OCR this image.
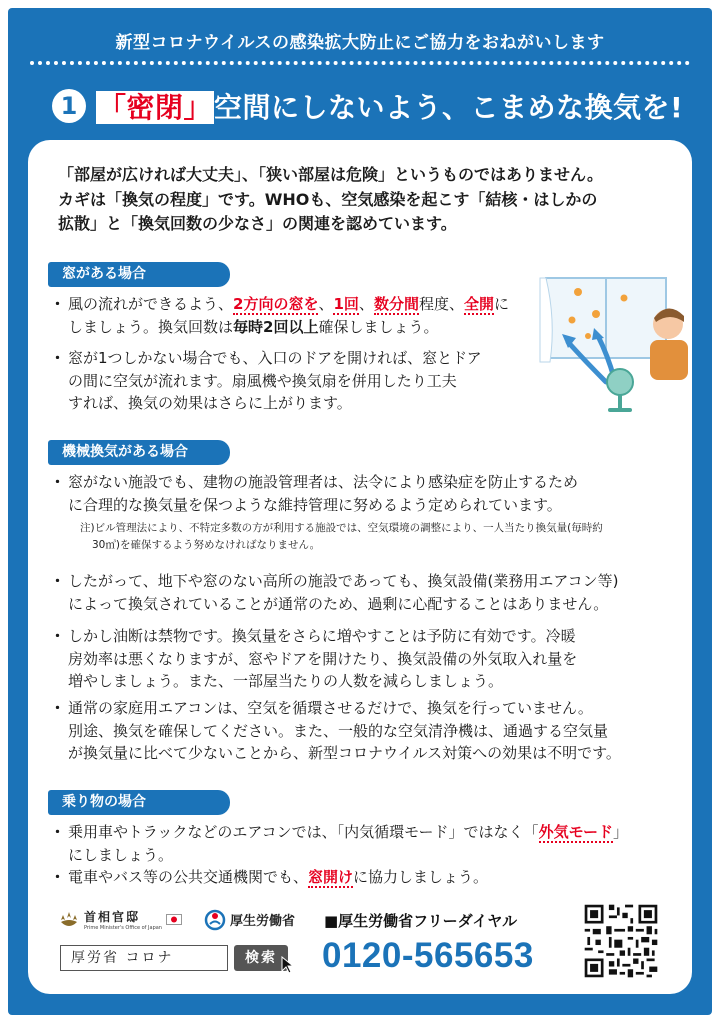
新型コロナウイルスの感染拡大防止にご協力をおねがいします
1 「密閉」空間にしないよう、こまめな換気を!
「部屋が広ければ大丈夫」、「狭い部屋は危険」というものではありません。
カギは「換気の程度」です。WHOも、空気感染を起こす「結核・はしかの
拡散」と「換気回数の少なさ」の関連を認めています。
窓がある場合
・ 風の流れができるよう、2方向の窓を、1回、数分間程度、全開にしましょう。換気回数は毎時2回以上確保しましょう。
・ 窓が1つしかない場合でも、入口のドアを開ければ、窓とドア
の間に空気が流れます。扇風機や換気扇を併用したり工夫
すれば、換気の効果はさらに上がります。
機械換気がある場合
・ 窓がない施設でも、建物の施設管理者は、法令により感染症を防止するため
に合理的な換気量を保つような維持管理に努めるよう定められています。
注)ビル管理法により、不特定多数の方が利用する施設では、空気環境の調整により、一人当たり換気量(毎時約
30㎥)を確保するよう努めなければなりません。
・ したがって、地下や窓のない高所の施設であっても、換気設備(業務用エアコン等)
によって換気されていることが通常のため、過剰に心配することはありません。
・ しかし油断は禁物です。換気量をさらに増やすことは予防に有効です。冷暖
房効率は悪くなりますが、窓やドアを開けたり、換気設備の外気取入れ量を
増やしましょう。また、一部屋当たりの人数を減らしましょう。
・ 通常の家庭用エアコンは、空気を循環させるだけで、換気を行っていません。
別途、換気を確保してください。また、一般的な空気清浄機は、通過する空気量
が換気量に比べて少ないことから、新型コロナウイルス対策への効果は不明です。
乗り物の場合
・ 乗用車やトラックなどのエアコンでは、「内気循環モード」ではなく「外気モード」
にしましょう。
・ 電車やバス等の公共交通機関でも、窓開けに協力しましょう。
首相官邸
Prime Minister's Office of Japan	厚生労働省
厚労省 コロナ	検索
■厚生労働省フリーダイヤル
0120-565653
